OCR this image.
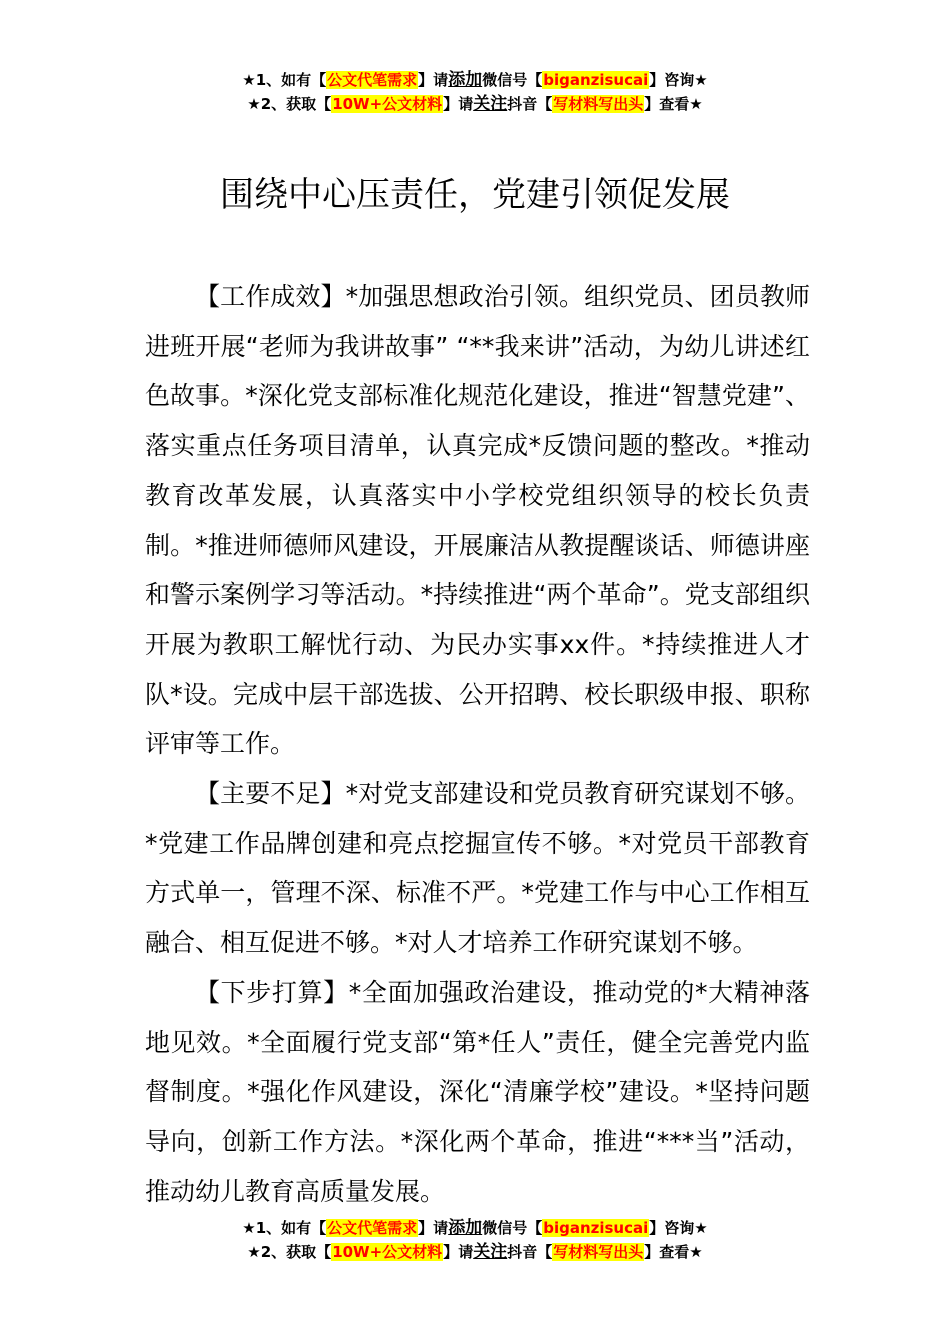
★1、如有【公文代笔需求】请添加微信号【biganzisucai】咨询★
★2、获取【10W+公文材料】请关注抖音【写材料写出头】查看★
围绕中心压责任，党建引领促发展

【工作成效】*加强思想政治引领。组织党员、团员教师进班开展“老师为我讲故事” “**我来讲”活动，为幼儿讲述红色故事。*深化党支部标准化规范化建设，推进“智慧党建”、落实重点任务项目清单，认真完成*反馈问题的整改。*推动教育改革发展，认真落实中小学校党组织领导的校长负责制。*推进师德师风建设，开展廉洁从教提醒谈话、师德讲座和警示案例学习等活动。*持续推进“两个革命”。党支部组织开展为教职工解忧行动、为民办实事xx件。*持续推进人才队*设。完成中层干部选拔、公开招聘、校长职级申报、职称评审等工作。

【主要不足】*对党支部建设和党员教育研究谋划不够。*党建工作品牌创建和亮点挖掘宣传不够。*对党员干部教育方式单一，管理不深、标准不严。*党建工作与中心工作相互融合、相互促进不够。*对人才培养工作研究谋划不够。

【下步打算】*全面加强政治建设，推动党的*大精神落地见效。*全面履行党支部“第*任人”责任，健全完善党内监督制度。*强化作风建设，深化“清廉学校”建设。*坚持问题导向，创新工作方法。*深化两个革命，推进“***当”活动，推动幼儿教育高质量发展。

★1、如有【公文代笔需求】请添加微信号【biganzisucai】咨询★
★2、获取【10W+公文材料】请关注抖音【写材料写出头】查看★
